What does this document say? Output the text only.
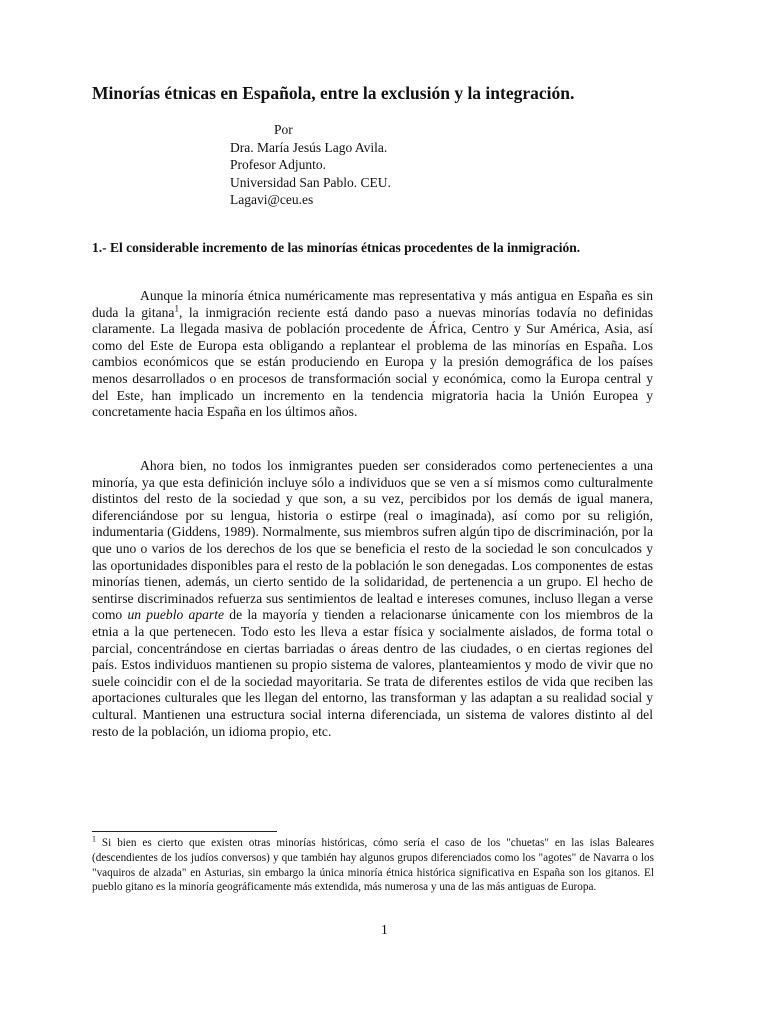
Minorías étnicas en Española, entre la exclusión y la integración.
Por
Dra. María Jesús Lago Avila.
Profesor Adjunto.
Universidad San Pablo. CEU.
Lagavi@ceu.es
1.- El considerable incremento de las minorías étnicas procedentes de la inmigración.

Aunque la minoría étnica numéricamente mas representativa y más antigua en España es sin duda la gitana$^1$, la inmigración reciente está dando paso a nuevas minorías todavía no definidas claramente. La llegada masiva de población procedente de África, Centro y Sur América, Asia, así como del Este de Europa esta obligando a replantear el problema de las minorías en España. Los cambios económicos que se están produciendo en Europa y la presión demográfica de los países menos desarrollados o en procesos de transformación social y económica, como la Europa central y del Este, han implicado un incremento en la tendencia migratoria hacia la Unión Europea y concretamente hacia España en los últimos años.

Ahora bien, no todos los inmigrantes pueden ser considerados como pertenecientes a una minoría, ya que esta definición incluye sólo a individuos que se ven a sí mismos como culturalmente distintos del resto de la sociedad y que son, a su vez, percibidos por los demás de igual manera, diferenciándose por su lengua, historia o estirpe (real o imaginada), así como por su religión, indumentaria (Giddens, 1989). Normalmente, sus miembros sufren algún tipo de discriminación, por la que uno o varios de los derechos de los que se beneficia el resto de la sociedad le son conculcados y las oportunidades disponibles para el resto de la población le son denegadas. Los componentes de estas minorías tienen, además, un cierto sentido de la solidaridad, de pertenencia a un grupo. El hecho de sentirse discriminados refuerza sus sentimientos de lealtad e intereses comunes, incluso llegan a verse como un pueblo aparte de la mayoría y tienden a relacionarse únicamente con los miembros de la etnia a la que pertenecen. Todo esto les lleva a estar física y socialmente aislados, de forma total o parcial, concentrándose en ciertas barriadas o áreas dentro de las ciudades, o en ciertas regiones del país. Estos individuos mantienen su propio sistema de valores, planteamientos y modo de vivir que no suele coincidir con el de la sociedad mayoritaria. Se trata de diferentes estilos de vida que reciben las aportaciones culturales que les llegan del entorno, las transforman y las adaptan a su realidad social y cultural. Mantienen una estructura social interna diferenciada, un sistema de valores distinto al del resto de la población, un idioma propio, etc.

$^1$ Si bien es cierto que existen otras minorías históricas, cómo sería el caso de los "chuetas" en las islas Baleares (descendientes de los judíos conversos) y que también hay algunos grupos diferenciados como los "agotes" de Navarra o los "vaquiros de alzada" en Asturias, sin embargo la única minoría étnica histórica significativa en España son los gitanos. El pueblo gitano es la minoría geográficamente más extendida, más numerosa y una de las más antiguas de Europa.
1
